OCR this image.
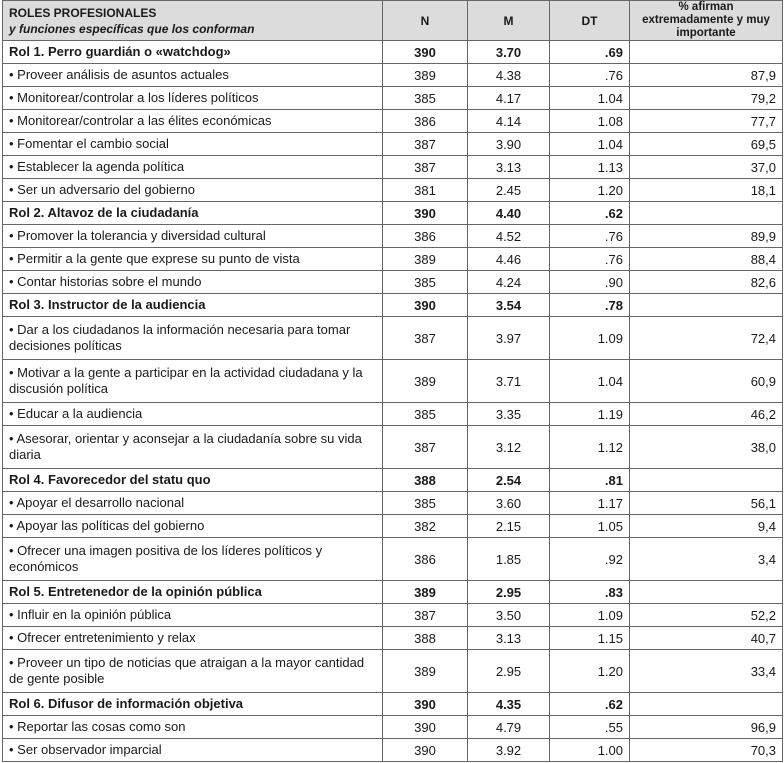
ROLES PROFESIONALES
y funciones específicas que los conforman	N	M	DT	% afirman extremadamente y muy importante
Rol 1. Perro guardián o «watchdog»	390	3.70	.69	
• Proveer análisis de asuntos actuales	389	4.38	.76	87,9
• Monitorear/controlar a los líderes políticos	385	4.17	1.04	79,2
• Monitorear/controlar a las élites económicas	386	4.14	1.08	77,7
• Fomentar el cambio social	387	3.90	1.04	69,5
• Establecer la agenda política	387	3.13	1.13	37,0
• Ser un adversario del gobierno	381	2.45	1.20	18,1
Rol 2. Altavoz de la ciudadanía	390	4.40	.62	
• Promover la tolerancia y diversidad cultural	386	4.52	.76	89,9
• Permitir a la gente que exprese su punto de vista	389	4.46	.76	88,4
• Contar historias sobre el mundo	385	4.24	.90	82,6
Rol 3. Instructor de la audiencia	390	3.54	.78	
• Dar a los ciudadanos la información necesaria para tomar decisiones políticas	387	3.97	1.09	72,4
• Motivar a la gente a participar en la actividad ciudadana y la discusión política	389	3.71	1.04	60,9
• Educar a la audiencia	385	3.35	1.19	46,2
• Asesorar, orientar y aconsejar a la ciudadanía sobre su vida diaria	387	3.12	1.12	38,0
Rol 4. Favorecedor del statu quo	388	2.54	.81	
• Apoyar el desarrollo nacional	385	3.60	1.17	56,1
• Apoyar las políticas del gobierno	382	2.15	1.05	9,4
• Ofrecer una imagen positiva de los líderes políticos y económicos	386	1.85	.92	3,4
Rol 5. Entretenedor de la opinión pública	389	2.95	.83	
• Influir en la opinión pública	387	3.50	1.09	52,2
• Ofrecer entretenimiento y relax	388	3.13	1.15	40,7
• Proveer un tipo de noticias que atraigan a la mayor cantidad de gente posible	389	2.95	1.20	33,4
Rol 6. Difusor de información objetiva	390	4.35	.62	
• Reportar las cosas como son	390	4.79	.55	96,9
• Ser observador imparcial	390	3.92	1.00	70,3
